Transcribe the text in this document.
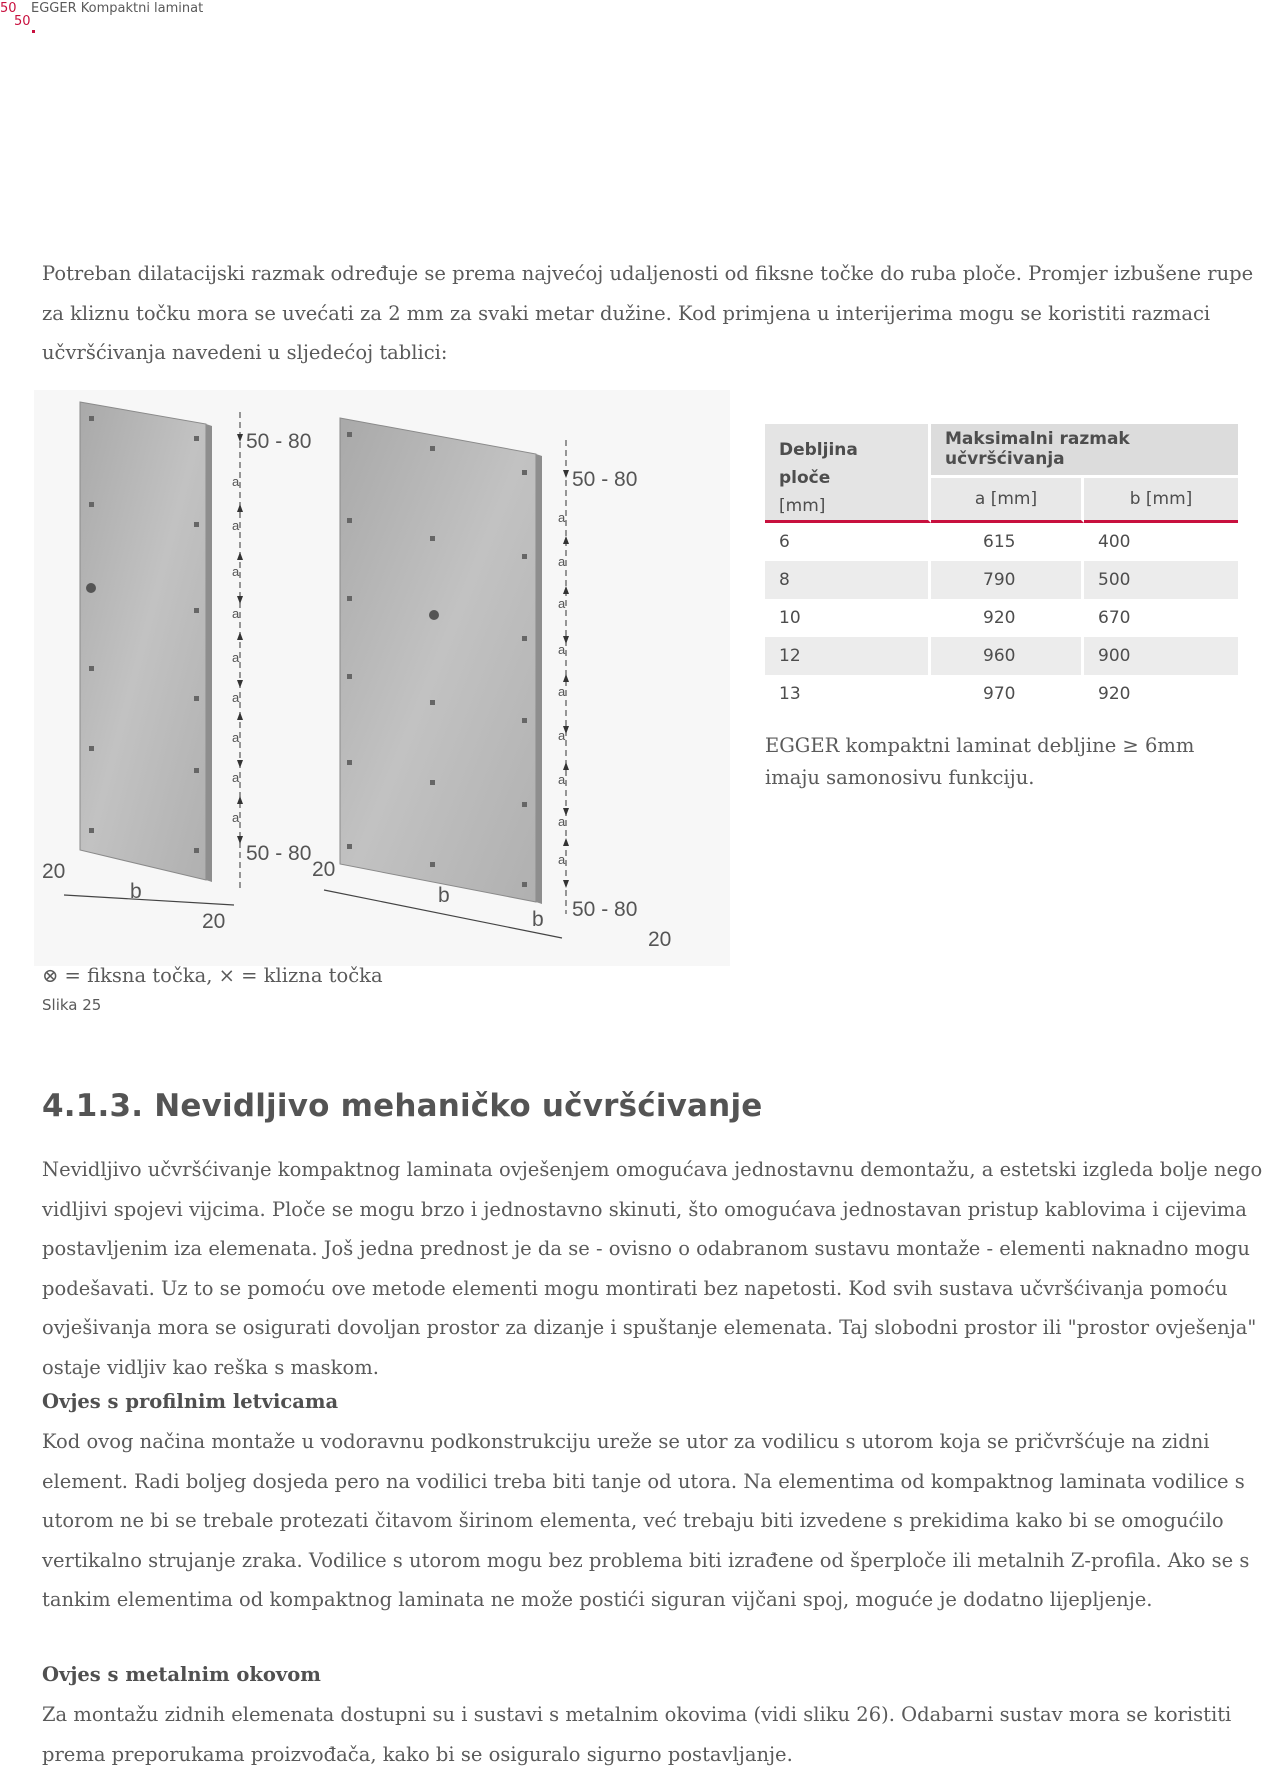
50
50
EGGER Kompaktni laminat

Potreban dilatacijski razmak određuje se prema najvećoj udaljenosti od fiksne točke do ruba ploče. Promjer izbušene rupe za kliznu točku mora se uvećati za 2 mm za svaki metar dužine. Kod primjena u interijerima mogu se koristiti razmaci učvršćivanja navedeni u sljedećoj tablici:

a
a
a
a
a
a
a
a
a
50 - 80
50 - 80
20
b
20
a
a
a
a
a
a
a
a
a
50 - 80
50 - 80
20
b
b
20
Debljina ploče
[mm]	Maksimalni razmak učvršćivanja	
	a [mm]	b [mm]
6	615	400
8	790	500
10	920	670
12	960	900
13	970	920

EGGER kompaktni laminat debljine ≥ 6mm imaju samonosivu funkciju.

⊗ = fiksna točka, × = klizna točka

Slika 25

4.1.3. Nevidljivo mehaničko učvršćivanje

Nevidljivo učvršćivanje kompaktnog laminata ovješenjem omogućava jednostavnu demontažu, a estetski izgleda bolje nego vidljivi spojevi vijcima. Ploče se mogu brzo i jednostavno skinuti, što omogućava jednostavan pristup kablovima i cijevima postavljenim iza elemenata. Još jedna prednost je da se - ovisno o odabranom sustavu montaže - elementi naknadno mogu podešavati. Uz to se pomoću ove metode elementi mogu montirati bez napetosti. Kod svih sustava učvršćivanja pomoću ovješivanja mora se osigurati dovoljan prostor za dizanje i spuštanje elemenata. Taj slobodni prostor ili "prostor ovješenja" ostaje vidljiv kao reška s maskom.

Ovjes s profilnim letvicama

Kod ovog načina montaže u vodoravnu podkonstrukciju ureže se utor za vodilicu s utorom koja se pričvršćuje na zidni element. Radi boljeg dosjeda pero na vodilici treba biti tanje od utora. Na elementima od kompaktnog laminata vodilice s utorom ne bi se trebale protezati čitavom širinom elementa, već trebaju biti izvedene s prekidima kako bi se omogućilo vertikalno strujanje zraka. Vodilice s utorom mogu bez problema biti izrađene od šperploče ili metalnih Z-profila. Ako se s tankim elementima od kompaktnog laminata ne može postići siguran vijčani spoj, moguće je dodatno lijepljenje.

Ovjes s metalnim okovom

Za montažu zidnih elemenata dostupni su i sustavi s metalnim okovima (vidi sliku 26). Odabarni sustav mora se koristiti prema preporukama proizvođača, kako bi se osiguralo sigurno postavljanje.
